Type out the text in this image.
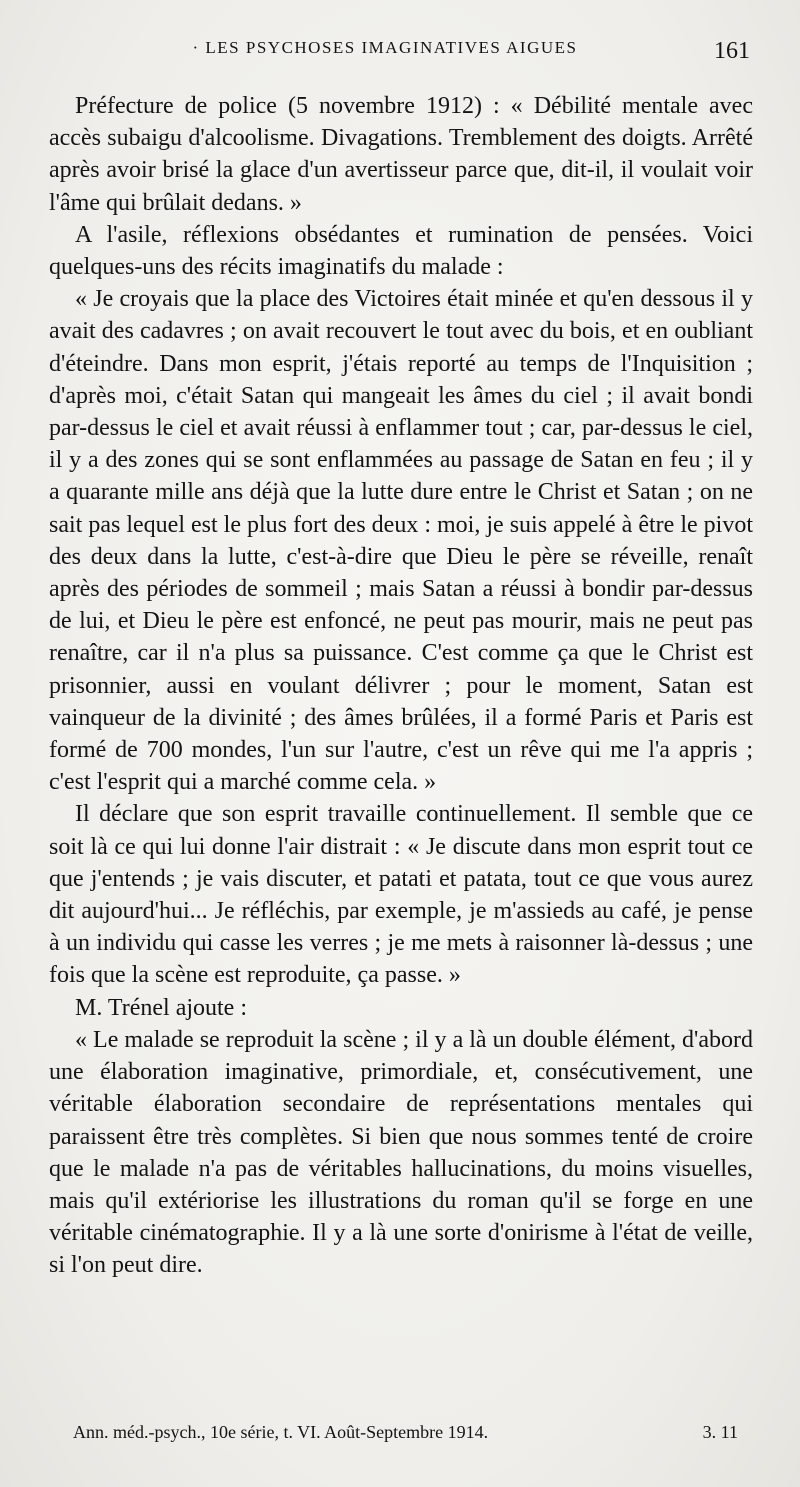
· LES PSYCHOSES IMAGINATIVES AIGUES	161

Préfecture de police (5 novembre 1912) : « Débilité mentale avec accès subaigu d'alcoolisme. Divagations. Tremblement des doigts. Arrêté après avoir brisé la glace d'un avertisseur parce que, dit-il, il voulait voir l'âme qui brûlait dedans. »

A l'asile, réflexions obsédantes et rumination de pensées. Voici quelques-uns des récits imaginatifs du malade :

« Je croyais que la place des Victoires était minée et qu'en dessous il y avait des cadavres ; on avait recouvert le tout avec du bois, et en oubliant d'éteindre. Dans mon esprit, j'étais reporté au temps de l'Inquisition ; d'après moi, c'était Satan qui mangeait les âmes du ciel ; il avait bondi par-dessus le ciel et avait réussi à enflammer tout ; car, par-dessus le ciel, il y a des zones qui se sont enflammées au passage de Satan en feu ; il y a quarante mille ans déjà que la lutte dure entre le Christ et Satan ; on ne sait pas lequel est le plus fort des deux : moi, je suis appelé à être le pivot des deux dans la lutte, c'est-à-dire que Dieu le père se réveille, renaît après des périodes de sommeil ; mais Satan a réussi à bondir par-dessus de lui, et Dieu le père est enfoncé, ne peut pas mourir, mais ne peut pas renaître, car il n'a plus sa puissance. C'est comme ça que le Christ est prisonnier, aussi en voulant délivrer ; pour le moment, Satan est vainqueur de la divinité ; des âmes brûlées, il a formé Paris et Paris est formé de 700 mondes, l'un sur l'autre, c'est un rêve qui me l'a appris ; c'est l'esprit qui a marché comme cela. »

Il déclare que son esprit travaille continuellement. Il semble que ce soit là ce qui lui donne l'air distrait : « Je discute dans mon esprit tout ce que j'entends ; je vais discuter, et patati et patata, tout ce que vous aurez dit aujourd'hui... Je réfléchis, par exemple, je m'assieds au café, je pense à un individu qui casse les verres ; je me mets à raisonner là-dessus ; une fois que la scène est reproduite, ça passe. »

M. Trénel ajoute :

« Le malade se reproduit la scène ; il y a là un double élément, d'abord une élaboration imaginative, primordiale, et, consécutivement, une véritable élaboration secondaire de représentations mentales qui paraissent être très complètes. Si bien que nous sommes tenté de croire que le malade n'a pas de véritables hallucinations, du moins visuelles, mais qu'il extériorise les illustrations du roman qu'il se forge en une véritable cinématographie. Il y a là une sorte d'onirisme à l'état de veille, si l'on peut dire.

Ann. méd.-psych., 10e série, t. VI. Août-Septembre 1914.	3. 11
